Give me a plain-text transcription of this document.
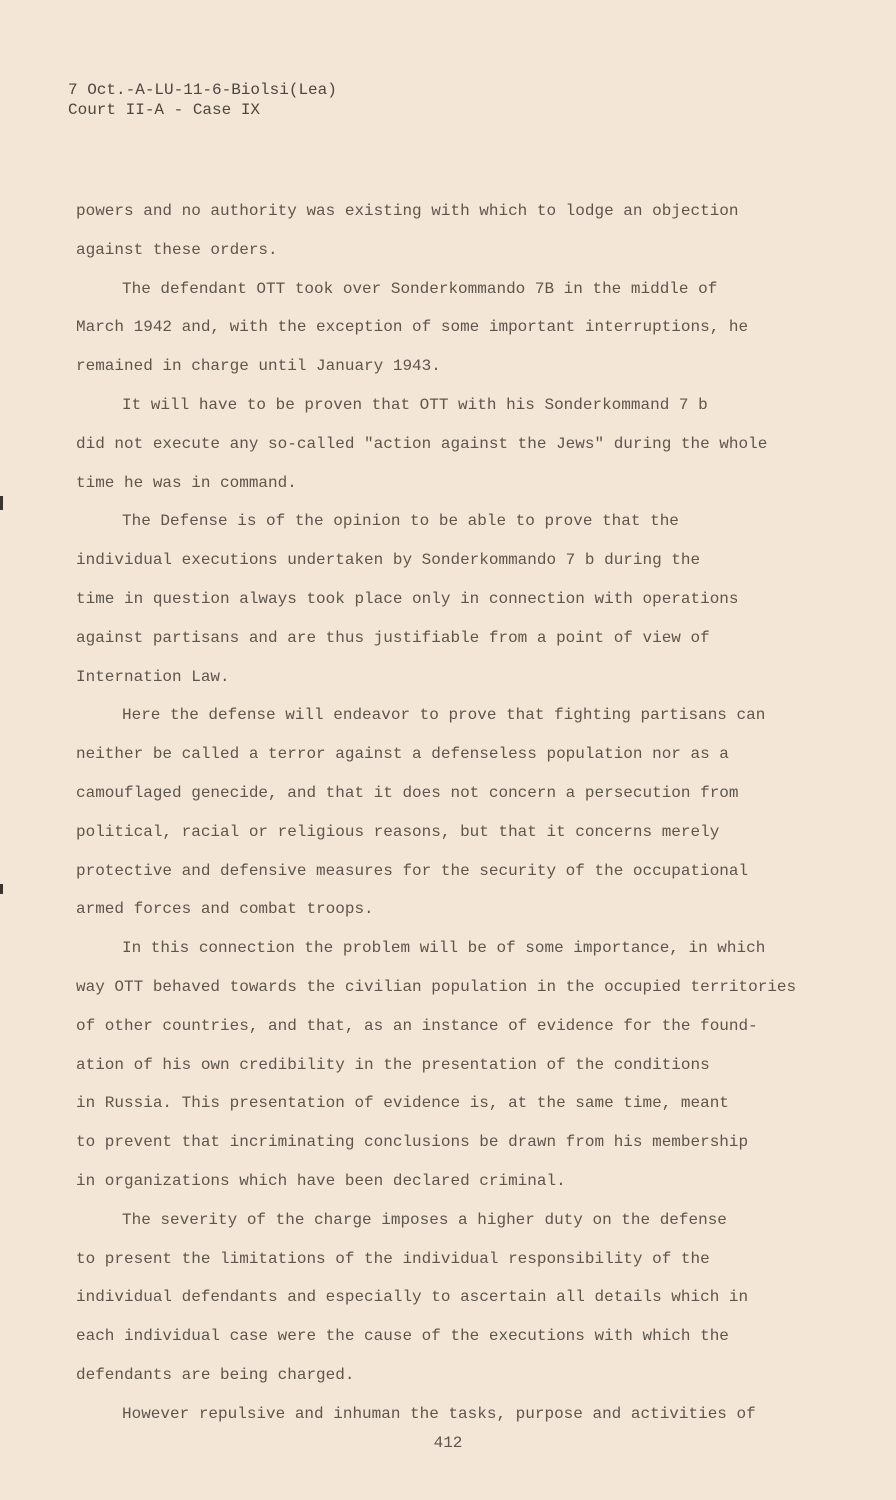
7 Oct.-A-LU-11-6-Biolsi(Lea)
Court II-A - Case IX
powers and no authority was existing with which to lodge an objection
against these orders.
The defendant OTT took over Sonderkommando 7B in the middle of
March 1942 and, with the exception of some important interruptions, he
remained in charge until January 1943.
It will have to be proven that OTT with his Sonderkommand 7 b
did not execute any so-called "action against the Jews" during the whole
time he was in command.
The Defense is of the opinion to be able to prove that the
individual executions undertaken by Sonderkommando 7 b during the
time in question always took place only in connection with operations
against partisans and are thus justifiable from a point of view of
Internation Law.
Here the defense will endeavor to prove that fighting partisans can
neither be called a terror against a defenseless population nor as a
camouflaged genecide, and that it does not concern a persecution from
political, racial or religious reasons, but that it concerns merely
protective and defensive measures for the security of the occupational
armed forces and combat troops.
In this connection the problem will be of some importance, in which
way OTT behaved towards the civilian population in the occupied territories
of other countries, and that, as an instance of evidence for the found-
ation of his own credibility in the presentation of the conditions
in Russia. This presentation of evidence is, at the same time, meant
to prevent that incriminating conclusions be drawn from his membership
in organizations which have been declared criminal.
The severity of the charge imposes a higher duty on the defense
to present the limitations of the individual responsibility of the
individual defendants and especially to ascertain all details which in
each individual case were the cause of the executions with which the
defendants are being charged.
However repulsive and inhuman the tasks, purpose and activities of
412
